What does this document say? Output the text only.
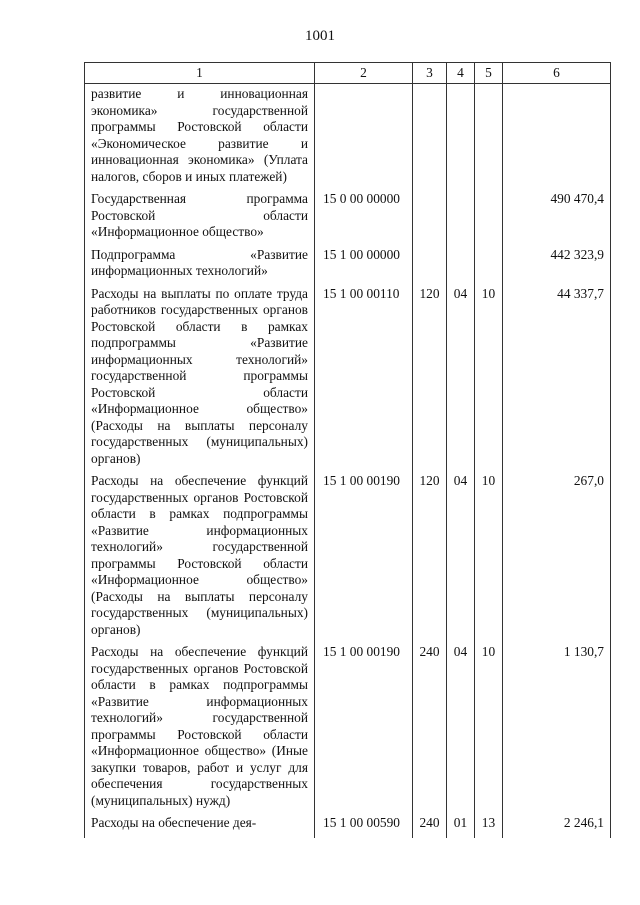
1001
1	2	3	4	5	6
развитие и инновационная экономика» государственной программы Ростовской области «Экономическое развитие и инновационная экономика» (Уплата налогов, сборов и иных платежей)					
Государственная программа Ростовской области «Информационное общество»	15 0 00 00000				490 470,4
Подпрограмма «Развитие информационных технологий»	15 1 00 00000				442 323,9
Расходы на выплаты по оплате труда работников государственных органов Ростовской области в рамках подпрограммы «Развитие информационных технологий» государственной программы Ростовской области «Информационное общество» (Расходы на выплаты персоналу государственных (муниципальных) органов)	15 1 00 00110	120	04	10	44 337,7
Расходы на обеспечение функций государственных органов Ростовской области в рамках подпрограммы «Развитие информационных технологий» государственной программы Ростовской области «Информационное общество» (Расходы на выплаты персоналу государственных (муниципальных) органов)	15 1 00 00190	120	04	10	267,0
Расходы на обеспечение функций государственных органов Ростовской области в рамках подпрограммы «Развитие информационных технологий» государственной программы Ростовской области «Информационное общество» (Иные закупки товаров, работ и услуг для обеспечения государственных (муниципальных) нужд)	15 1 00 00190	240	04	10	1 130,7
Расходы на обеспечение дея-	15 1 00 00590	240	01	13	2 246,1
